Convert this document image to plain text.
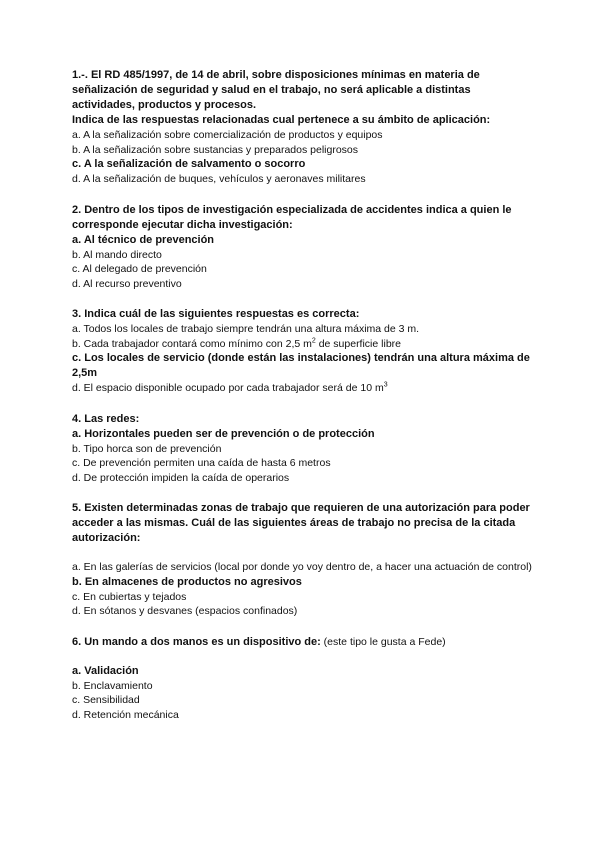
1.-. El RD 485/1997, de 14 de abril, sobre disposiciones mínimas en materia de señalización de seguridad y salud en el trabajo, no será aplicable a distintas actividades, productos y procesos.

Indica de las respuestas relacionadas cual pertenece a su ámbito de aplicación:

a. A la señalización sobre comercialización de productos y equipos

b. A la señalización sobre sustancias y preparados peligrosos

c. A la señalización de salvamento o socorro

d. A la señalización de buques, vehículos y aeronaves militares

2. Dentro de los tipos de investigación especializada de accidentes indica a quien le corresponde ejecutar dicha investigación:

a. Al técnico de prevención

b. Al mando directo

c. Al delegado de prevención

d. Al recurso preventivo

3. Indica cuál de las siguientes respuestas es correcta:

a. Todos los locales de trabajo siempre tendrán una altura máxima de 3 m.

b. Cada trabajador contará como mínimo con 2,5 $m^2$ de superficie libre

c. Los locales de servicio (donde están las instalaciones) tendrán una altura máxima de 2,5m

d. El espacio disponible ocupado por cada trabajador será de 10 $m^3$

4. Las redes:

a. Horizontales pueden ser de prevención o de protección

b. Tipo horca son de prevención

c. De prevención permiten una caída de hasta 6 metros

d. De protección impiden la caída de operarios

5. Existen determinadas zonas de trabajo que requieren de una autorización para poder acceder a las mismas. Cuál de las siguientes áreas de trabajo no precisa de la citada autorización:

a. En las galerías de servicios (local por donde yo voy dentro de, a hacer una actuación de control)

b. En almacenes de productos no agresivos

c. En cubiertas y tejados

d. En sótanos y desvanes (espacios confinados)

6. Un mando a dos manos es un dispositivo de: (este tipo le gusta a Fede)

a. Validación

b. Enclavamiento

c. Sensibilidad

d. Retención mecánica
